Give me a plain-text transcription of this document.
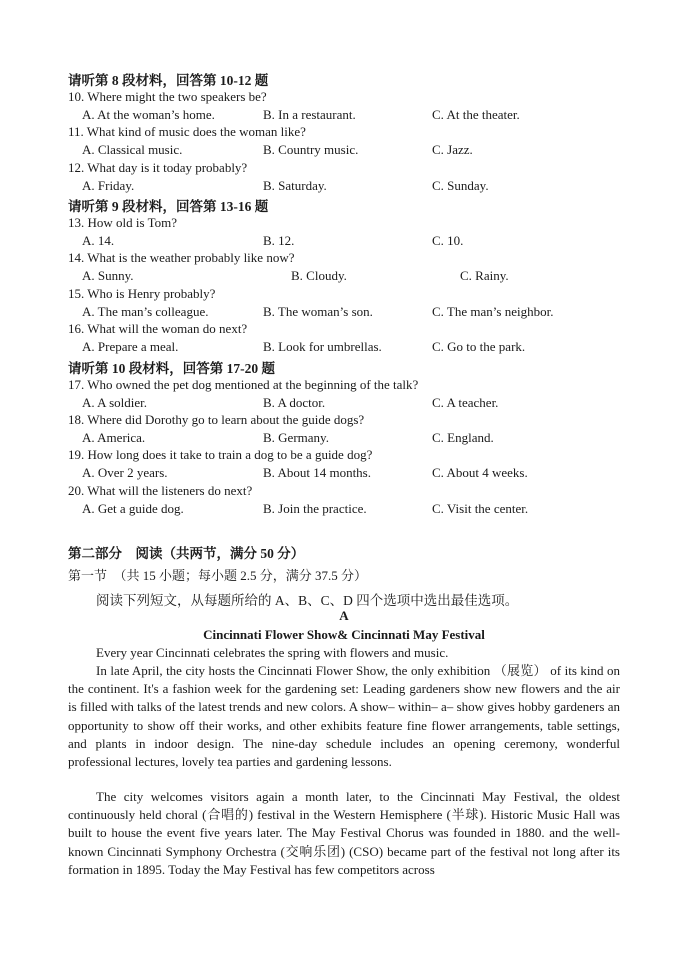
请听第 8 段材料，回答第 10-12 题
10. Where might the two speakers be?
A. At the woman’s home.	B. In a restaurant.	C. At the theater.
11. What kind of music does the woman like?
A. Classical music.	B. Country music.	C. Jazz.
12. What day is it today probably?
A. Friday.	B. Saturday.	C. Sunday.
请听第 9 段材料，回答第 13-16 题
13. How old is Tom?
A. 14.	B. 12.	C. 10.
14. What is the weather probably like now?
A. Sunny.	B. Cloudy.	C. Rainy.
15. Who is Henry probably?
A. The man’s colleague.	B. The woman’s son.	C. The man’s neighbor.
16. What will the woman do next?
A. Prepare a meal.	B. Look for umbrellas.	C. Go to the park.
请听第 10 段材料，回答第 17-20 题
17. Who owned the pet dog mentioned at the beginning of the talk?
A. A soldier.	B. A doctor.	C. A teacher.
18. Where did Dorothy go to learn about the guide dogs?
A. America.	B. Germany.	C. England.
19. How long does it take to train a dog to be a guide dog?
A. Over 2 years.	B. About 14 months.	C. About 4 weeks.
20. What will the listeners do next?
A. Get a guide dog.	B. Join the practice.	C. Visit the center.
第二部分　阅读（共两节，满分 50 分）
第一节　（共 15 小题；每小题 2.5 分，满分 37.5 分）
阅读下列短文，从每题所给的 A、B、C、D 四个选项中选出最佳选项。
A
Cincinnati Flower Show& Cincinnati May Festival
Every year Cincinnati celebrates the spring with flowers and music.
In late April, the city hosts the Cincinnati Flower Show, the only exhibition （展览） of its kind on the continent. It's a fashion week for the gardening set: Leading gardeners show new flowers and the air is filled with talks of the latest trends and new colors. A show– within– a– show gives hobby gardeners an opportunity to show off their works, and other exhibits feature fine flower arrangements, table settings, and plants in indoor design. The nine-day schedule includes an opening ceremony, wonderful professional lectures, lovely tea parties and gardening lessons.
The city welcomes visitors again a month later, to the Cincinnati May Festival, the oldest continuously held choral (合唱的) festival in the Western Hemisphere (半球). Historic Music Hall was built to house the event five years later. The May Festival Chorus was founded in 1880. and the well-known Cincinnati Symphony Orchestra (交响乐团) (CSO) became part of the festival not long after its formation in 1895. Today the May Festival has few competitors across
